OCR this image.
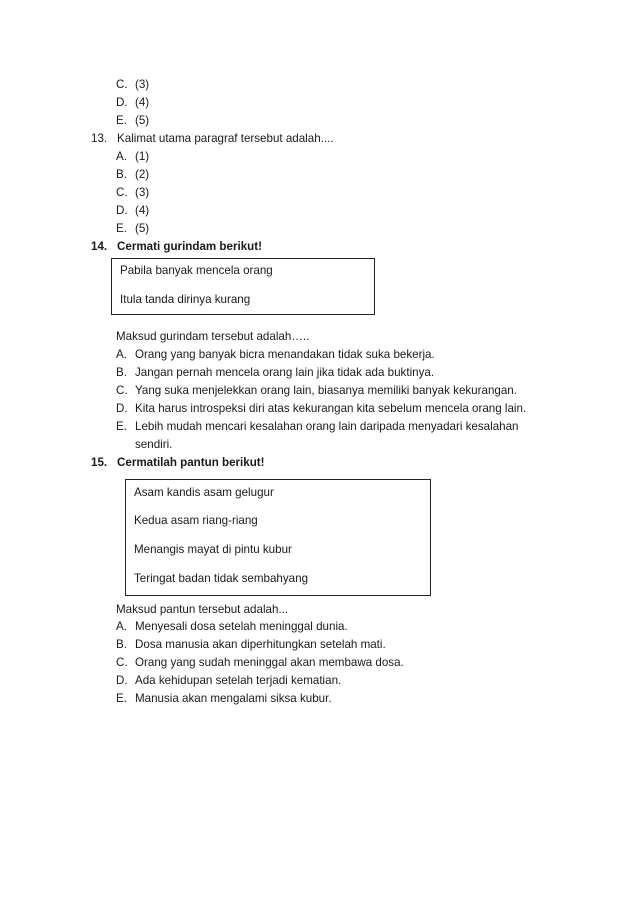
C. (3)
D. (4)
E. (5)
13. Kalimat utama paragraf tersebut adalah....
A. (1)
B. (2)
C. (3)
D. (4)
E. (5)
14. Cermati gurindam berikut!
Pabila banyak mencela orang
Itula tanda dirinya kurang
Maksud gurindam tersebut adalah…..
A. Orang yang banyak bicra menandakan tidak suka bekerja.
B. Jangan pernah mencela orang lain jika tidak ada buktinya.
C. Yang suka menjelekkan orang lain, biasanya memiliki banyak kekurangan.
D. Kita harus introspeksi diri atas kekurangan kita sebelum mencela orang lain.
E. Lebih mudah mencari kesalahan orang lain daripada menyadari kesalahan
sendiri.
15. Cermatilah pantun berikut!
Asam kandis asam gelugur
Kedua asam riang-riang
Menangis mayat di pintu kubur
Teringat badan tidak sembahyang
Maksud pantun tersebut adalah...
A. Menyesali dosa setelah meninggal dunia.
B. Dosa manusia akan diperhitungkan setelah mati.
C. Orang yang sudah meninggal akan membawa dosa.
D. Ada kehidupan setelah terjadi kematian.
E. Manusia akan mengalami siksa kubur.
